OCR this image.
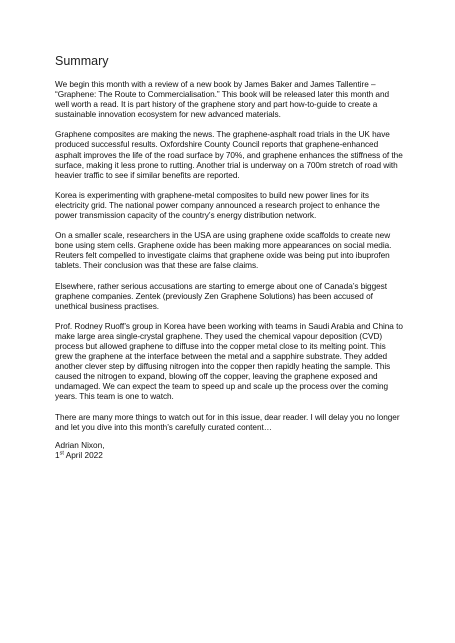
Summary

We begin this month with a review of a new book by James Baker and James Tallentire – “Graphene: The Route to Commercialisation.” This book will be released later this month and well worth a read. It is part history of the graphene story and part how-to-guide to create a sustainable innovation ecosystem for new advanced materials.

Graphene composites are making the news. The graphene-asphalt road trials in the UK have produced successful results. Oxfordshire County Council reports that graphene-enhanced asphalt improves the life of the road surface by 70%, and graphene enhances the stiffness of the surface, making it less prone to rutting. Another trial is underway on a 700m stretch of road with heavier traffic to see if similar benefits are reported.

Korea is experimenting with graphene-metal composites to build new power lines for its electricity grid. The national power company announced a research project to enhance the power transmission capacity of the country’s energy distribution network.

On a smaller scale, researchers in the USA are using graphene oxide scaffolds to create new bone using stem cells. Graphene oxide has been making more appearances on social media. Reuters felt compelled to investigate claims that graphene oxide was being put into ibuprofen tablets. Their conclusion was that these are false claims.

Elsewhere, rather serious accusations are starting to emerge about one of Canada’s biggest graphene companies. Zentek (previously Zen Graphene Solutions) has been accused of unethical business practises.

Prof. Rodney Ruoff’s group in Korea have been working with teams in Saudi Arabia and China to make large area single-crystal graphene. They used the chemical vapour deposition (CVD) process but allowed graphene to diffuse into the copper metal close to its melting point. This grew the graphene at the interface between the metal and a sapphire substrate. They added another clever step by diffusing nitrogen into the copper then rapidly heating the sample. This caused the nitrogen to expand, blowing off the copper, leaving the graphene exposed and undamaged. We can expect the team to speed up and scale up the process over the coming years. This team is one to watch.

There are many more things to watch out for in this issue, dear reader. I will delay you no longer and let you dive into this month’s carefully curated content…

Adrian Nixon,

1st April 2022
